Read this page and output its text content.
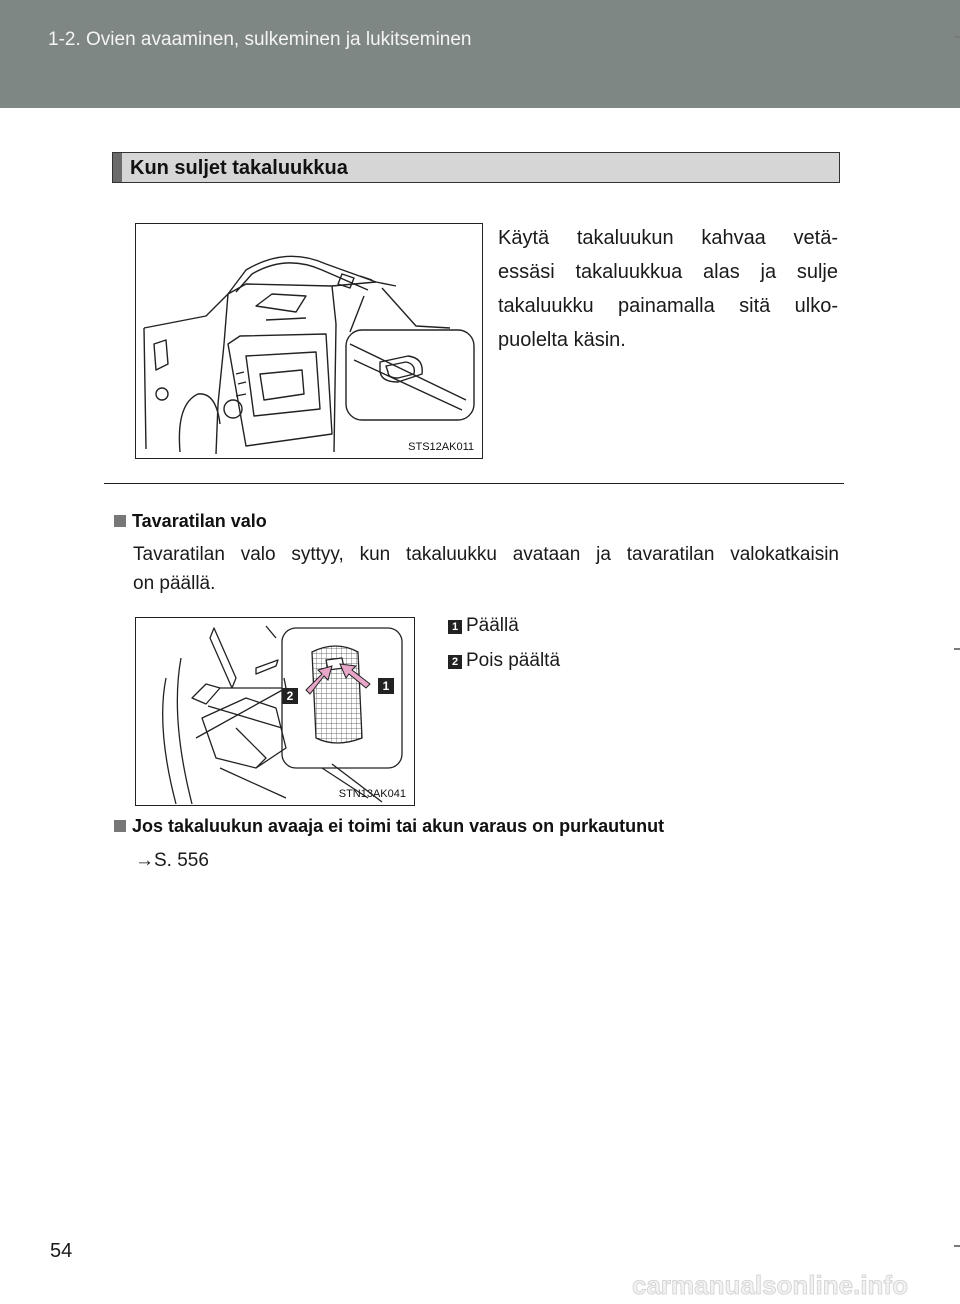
1-2. Ovien avaaminen, sulkeminen ja lukitseminen
Kun suljet takaluukkua
STS12AK011
Käytä takaluukun kahvaa vetä-
essäsi takaluukkua alas ja sulje
takaluukku painamalla sitä ulko-
puolelta käsin.
Tavaratilan valo
Tavaratilan valo syttyy, kun takaluukku avataan ja tavaratilan valokatkaisin
on päällä.
2
1
STN13AK041
1 Päällä
2 Pois päältä
Jos takaluukun avaaja ei toimi tai akun varaus on purkautunut
→S. 556
54
carmanualsonline.info
